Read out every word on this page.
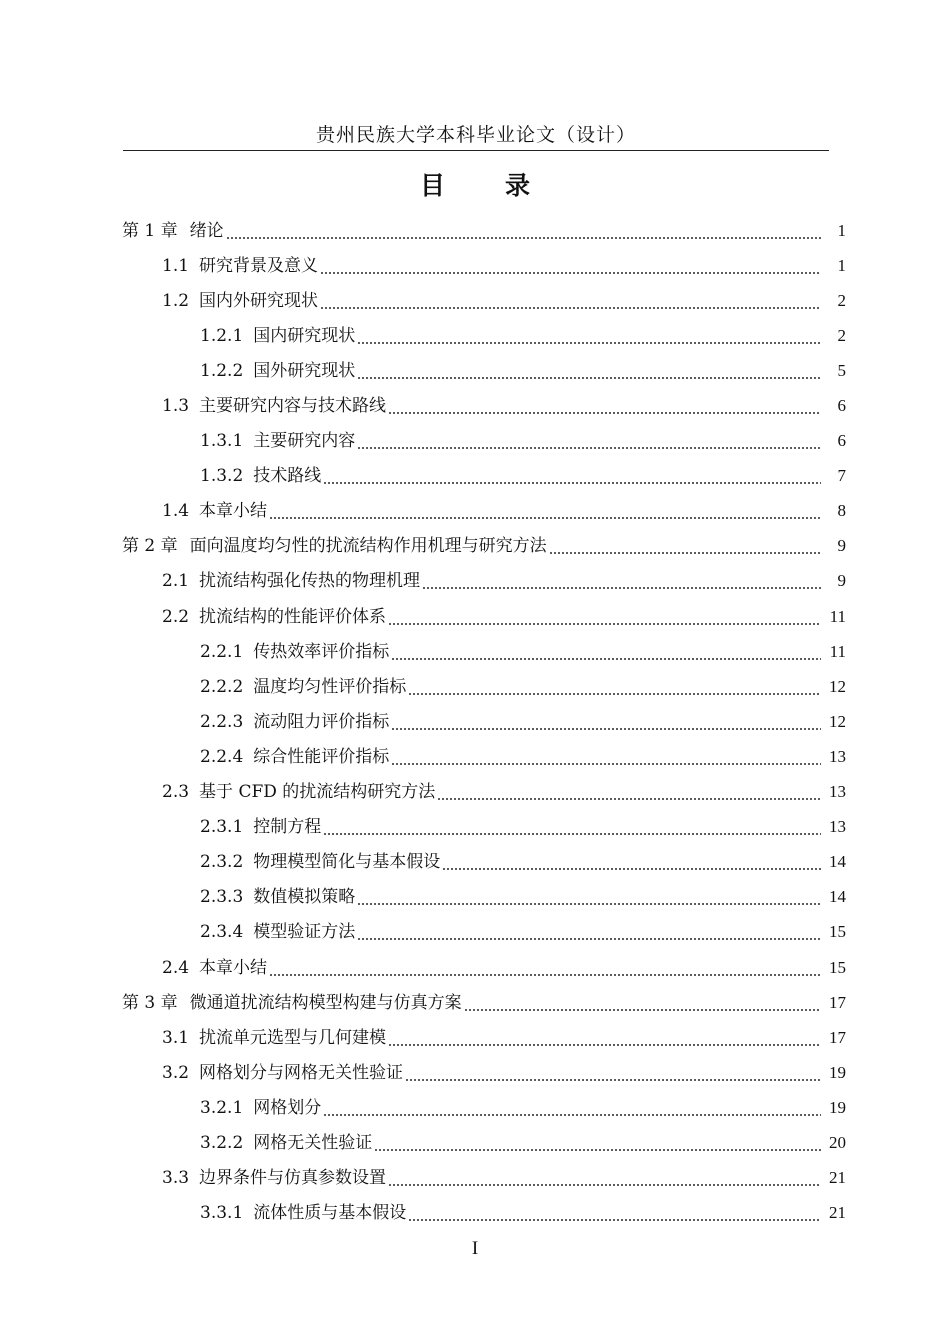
贵州民族大学本科毕业论文（设计）
目 录
第 1 章 绪论	1
1.1 研究背景及意义	1
1.2 国内外研究现状	2
1.2.1 国内研究现状	2
1.2.2 国外研究现状	5
1.3 主要研究内容与技术路线	6
1.3.1 主要研究内容	6
1.3.2 技术路线	7
1.4 本章小结	8
第 2 章 面向温度均匀性的扰流结构作用机理与研究方法	9
2.1 扰流结构强化传热的物理机理	9
2.2 扰流结构的性能评价体系	11
2.2.1 传热效率评价指标	11
2.2.2 温度均匀性评价指标	12
2.2.3 流动阻力评价指标	12
2.2.4 综合性能评价指标	13
2.3 基于 CFD 的扰流结构研究方法	13
2.3.1 控制方程	13
2.3.2 物理模型简化与基本假设	14
2.3.3 数值模拟策略	14
2.3.4 模型验证方法	15
2.4 本章小结	15
第 3 章 微通道扰流结构模型构建与仿真方案	17
3.1 扰流单元选型与几何建模	17
3.2 网格划分与网格无关性验证	19
3.2.1 网格划分	19
3.2.2 网格无关性验证	20
3.3 边界条件与仿真参数设置	21
3.3.1 流体性质与基本假设	21
I
